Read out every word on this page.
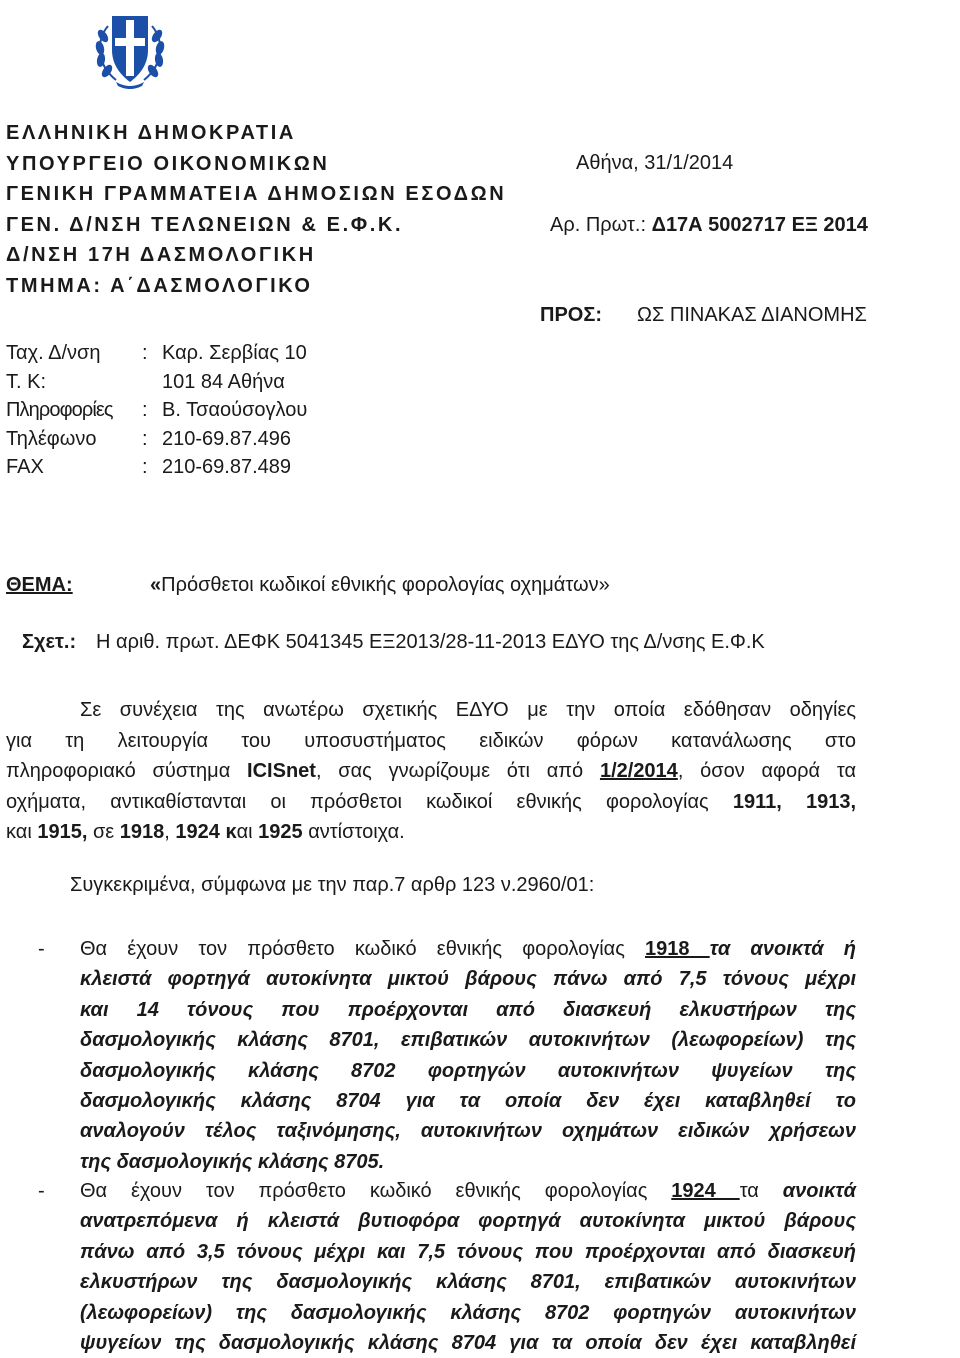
ΕΛΛΗΝΙΚΗ ΔΗΜΟΚΡΑΤΙΑ
ΥΠΟΥΡΓΕΙΟ ΟΙΚΟΝΟΜΙΚΩΝ
ΓΕΝΙΚΗ ΓΡΑΜΜΑΤΕΙΑ ΔΗΜΟΣΙΩΝ ΕΣΟΔΩΝ
ΓΕΝ. Δ/ΝΣΗ ΤΕΛΩΝΕΙΩΝ & Ε.Φ.Κ.
Δ/ΝΣΗ 17Η ΔΑΣΜΟΛΟΓΙΚΗ
ΤΜΗΜΑ: Α΄ΔΑΣΜΟΛΟΓΙΚΟ
Ταχ. Δ/νση	: Καρ. Σερβίας 10
Τ. Κ:	101 84 Αθήνα
Πληροφορίες	: Β. Τσαούσογλου
Τηλέφωνο	: 210-69.87.496
FAX	: 210-69.87.489
Αθήνα, 31/1/2014
Αρ. Πρωτ.: Δ17Α 5002717 ΕΞ 2014
ΠΡΟΣ: ΩΣ ΠΙΝΑΚΑΣ ΔΙΑΝΟΜΗΣ
ΘΕΜΑ:	«Πρόσθετοι κωδικοί εθνικής φορολογίας οχημάτων»
Σχετ.: Η αριθ. πρωτ. ΔΕΦΚ 5041345 ΕΞ2013/28-11-2013 ΕΔΥΟ της Δ/νσης Ε.Φ.Κ
Σε συνέχεια της ανωτέρω σχετικής ΕΔΥΟ με την οποία εδόθησαν οδηγίες
για τη λειτουργία του υποσυστήματος ειδικών φόρων κατανάλωσης στο
πληροφοριακό σύστημα ICISnet, σας γνωρίζουμε ότι από 1/2/2014, όσον αφορά τα
οχήματα, αντικαθίστανται οι πρόσθετοι κωδικοί εθνικής φορολογίας 1911, 1913,
και 1915, σε 1918, 1924 και 1925 αντίστοιχα.
Συγκεκριμένα, σύμφωνα με την παρ.7 αρθρ 123 ν.2960/01:
- Θα έχουν τον πρόσθετο κωδικό εθνικής φορολογίας 1918 τα ανοικτά ή
κλειστά φορτηγά αυτοκίνητα μικτού βάρους πάνω από 7,5 τόνους μέχρι
και 14 τόνους που προέρχονται από διασκευή ελκυστήρων της
δασμολογικής κλάσης 8701, επιβατικών αυτοκινήτων (λεωφορείων) της
δασμολογικής κλάσης 8702 φορτηγών αυτοκινήτων ψυγείων της
δασμολογικής κλάσης 8704 για τα οποία δεν έχει καταβληθεί το
αναλογούν τέλος ταξινόμησης, αυτοκινήτων οχημάτων ειδικών χρήσεων
της δασμολογικής κλάσης 8705.
- Θα έχουν τον πρόσθετο κωδικό εθνικής φορολογίας 1924 τα ανοικτά
ανατρεπόμενα ή κλειστά βυτιοφόρα φορτηγά αυτοκίνητα μικτού βάρους
πάνω από 3,5 τόνους μέχρι και 7,5 τόνους που προέρχονται από διασκευή
ελκυστήρων της δασμολογικής κλάσης 8701, επιβατικών αυτοκινήτων
(λεωφορείων) της δασμολογικής κλάσης 8702 φορτηγών αυτοκινήτων
ψυγείων της δασμολογικής κλάσης 8704 για τα οποία δεν έχει καταβληθεί
